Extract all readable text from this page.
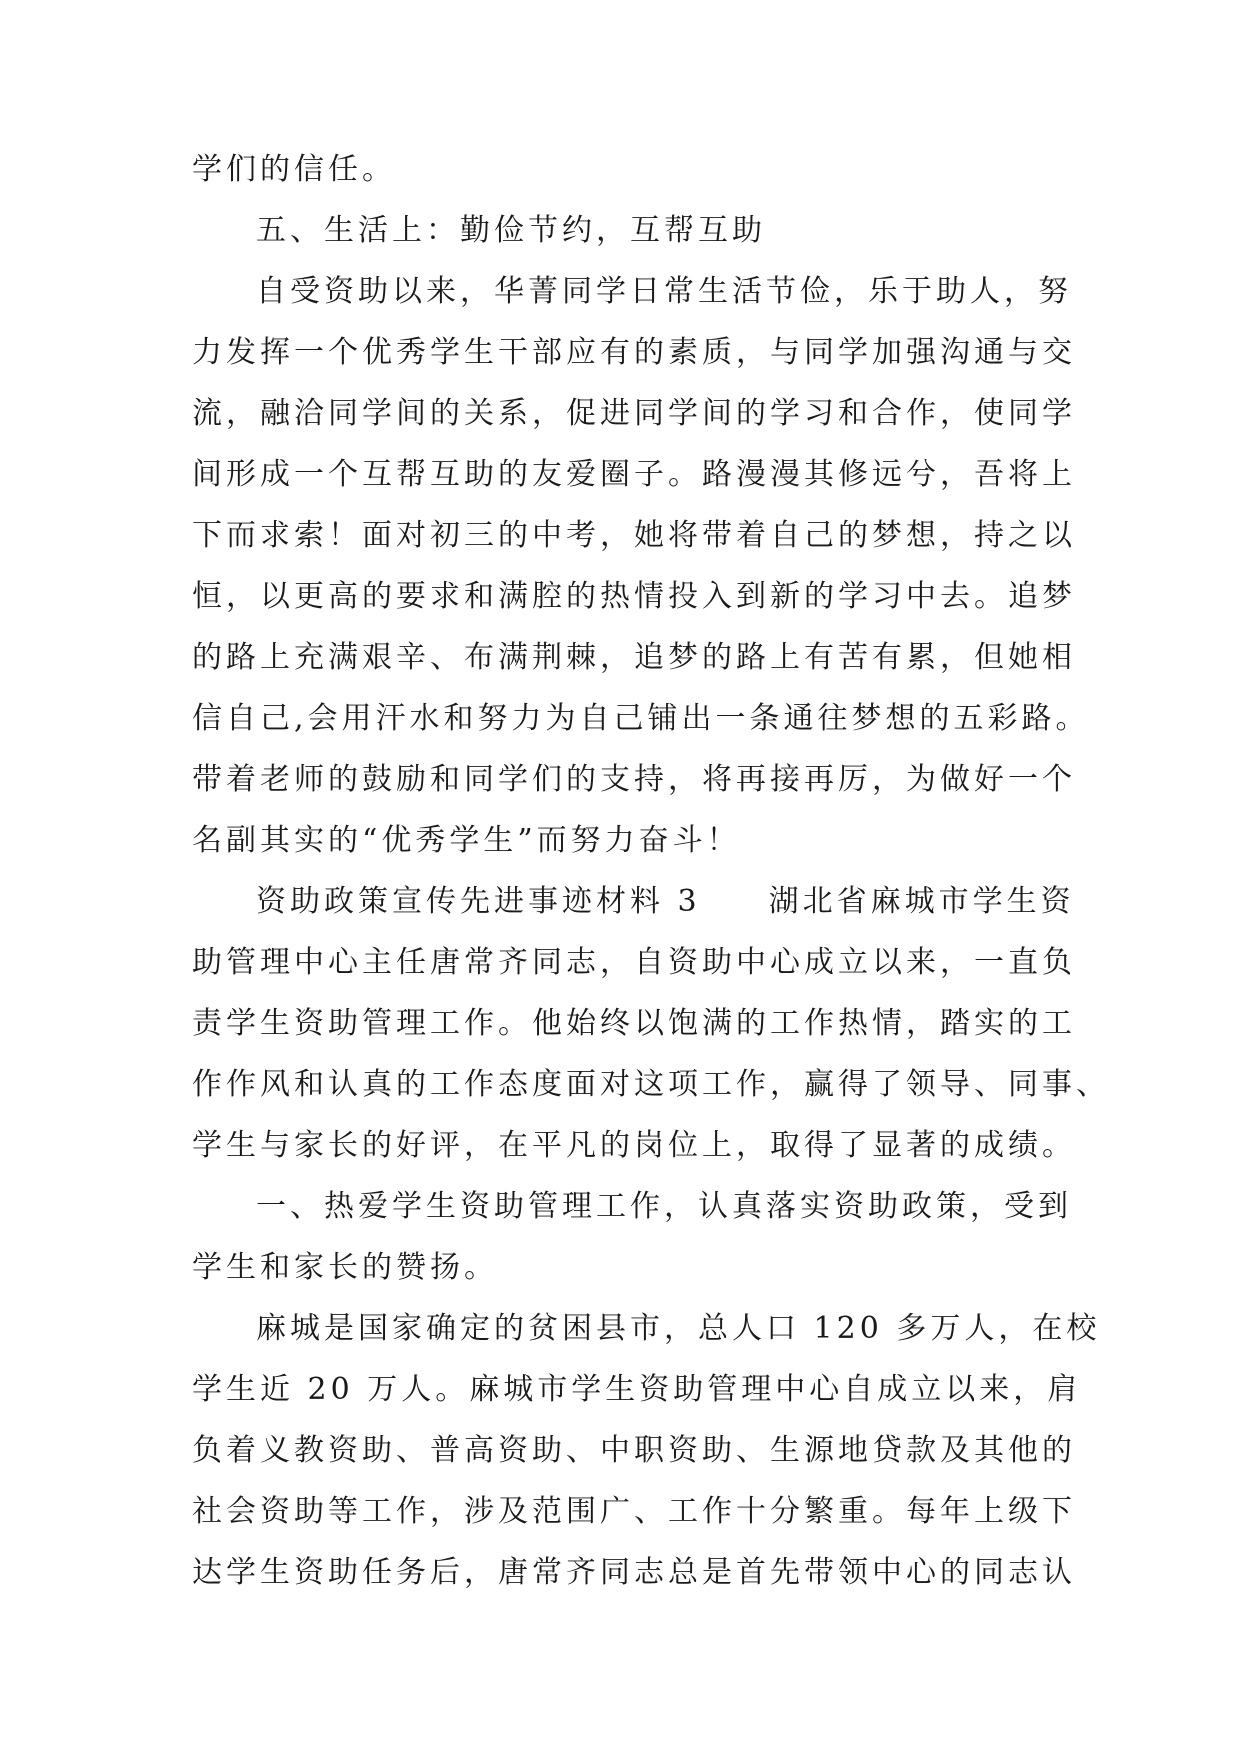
学们的信任。
五、生活上：勤俭节约，互帮互助
自受资助以来，华菁同学日常生活节俭，乐于助人，努
力发挥一个优秀学生干部应有的素质，与同学加强沟通与交
流，融洽同学间的关系，促进同学间的学习和合作，使同学
间形成一个互帮互助的友爱圈子。路漫漫其修远兮，吾将上
下而求索！面对初三的中考，她将带着自己的梦想，持之以
恒，以更高的要求和满腔的热情投入到新的学习中去。追梦
的路上充满艰辛、布满荆棘，追梦的路上有苦有累，但她相
信自己,会用汗水和努力为自己铺出一条通往梦想的五彩路。
带着老师的鼓励和同学们的支持，将再接再厉，为做好一个
名副其实的“优秀学生”而努力奋斗！
资助政策宣传先进事迹材料 3　　湖北省麻城市学生资
助管理中心主任唐常齐同志，自资助中心成立以来，一直负
责学生资助管理工作。他始终以饱满的工作热情，踏实的工
作作风和认真的工作态度面对这项工作，赢得了领导、同事、
学生与家长的好评，在平凡的岗位上，取得了显著的成绩。
一、热爱学生资助管理工作，认真落实资助政策，受到
学生和家长的赞扬。
麻城是国家确定的贫困县市，总人口 120 多万人，在校
学生近 20 万人。麻城市学生资助管理中心自成立以来，肩
负着义教资助、普高资助、中职资助、生源地贷款及其他的
社会资助等工作，涉及范围广、工作十分繁重。每年上级下
达学生资助任务后，唐常齐同志总是首先带领中心的同志认
